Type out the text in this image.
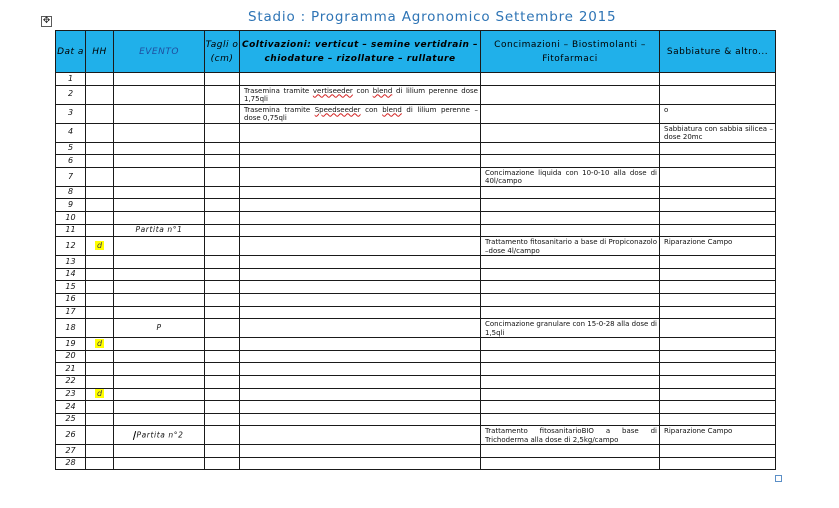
✥	Stadio : Programma Agronomico Settembre 2015
Dat a	HH	EVENTO	Tagli o (cm)	Coltivazioni: verticut – semine vertidrain – chiodature – rizollature – rullature	Concimazioni – Biostimolanti – Fitofarmaci	Sabbiature & altro...
1						
2				Trasemina tramite vertiseeder con blend di lilium perenne dose 1,75qli		
3				Trasemina tramite Speedseeder con blend di lilium perenne – dose 0,75qli		o
4						Sabbiatura con sabbia silicea –dose 20mc
5						
6						
7					Concimazione liquida con 10-0-10 alla dose di 40l/campo	
8						
9						
10						
11		Partita n°1				
12	d				Trattamento fitosanitario a base di Propiconazolo –dose 4l/campo	Riparazione Campo
13						
14						
15						
16						
17						
18		P			Concimazione granulare con 15-0-28 alla dose di 1,5qli	
19	d					
20						
21						
22						
23	d					
24						
25						
26		Partita n°2			Trattamento fitosanitarioBIO a base di Trichoderma alla dose di 2,5kg/campo	Riparazione Campo
27						
28						
